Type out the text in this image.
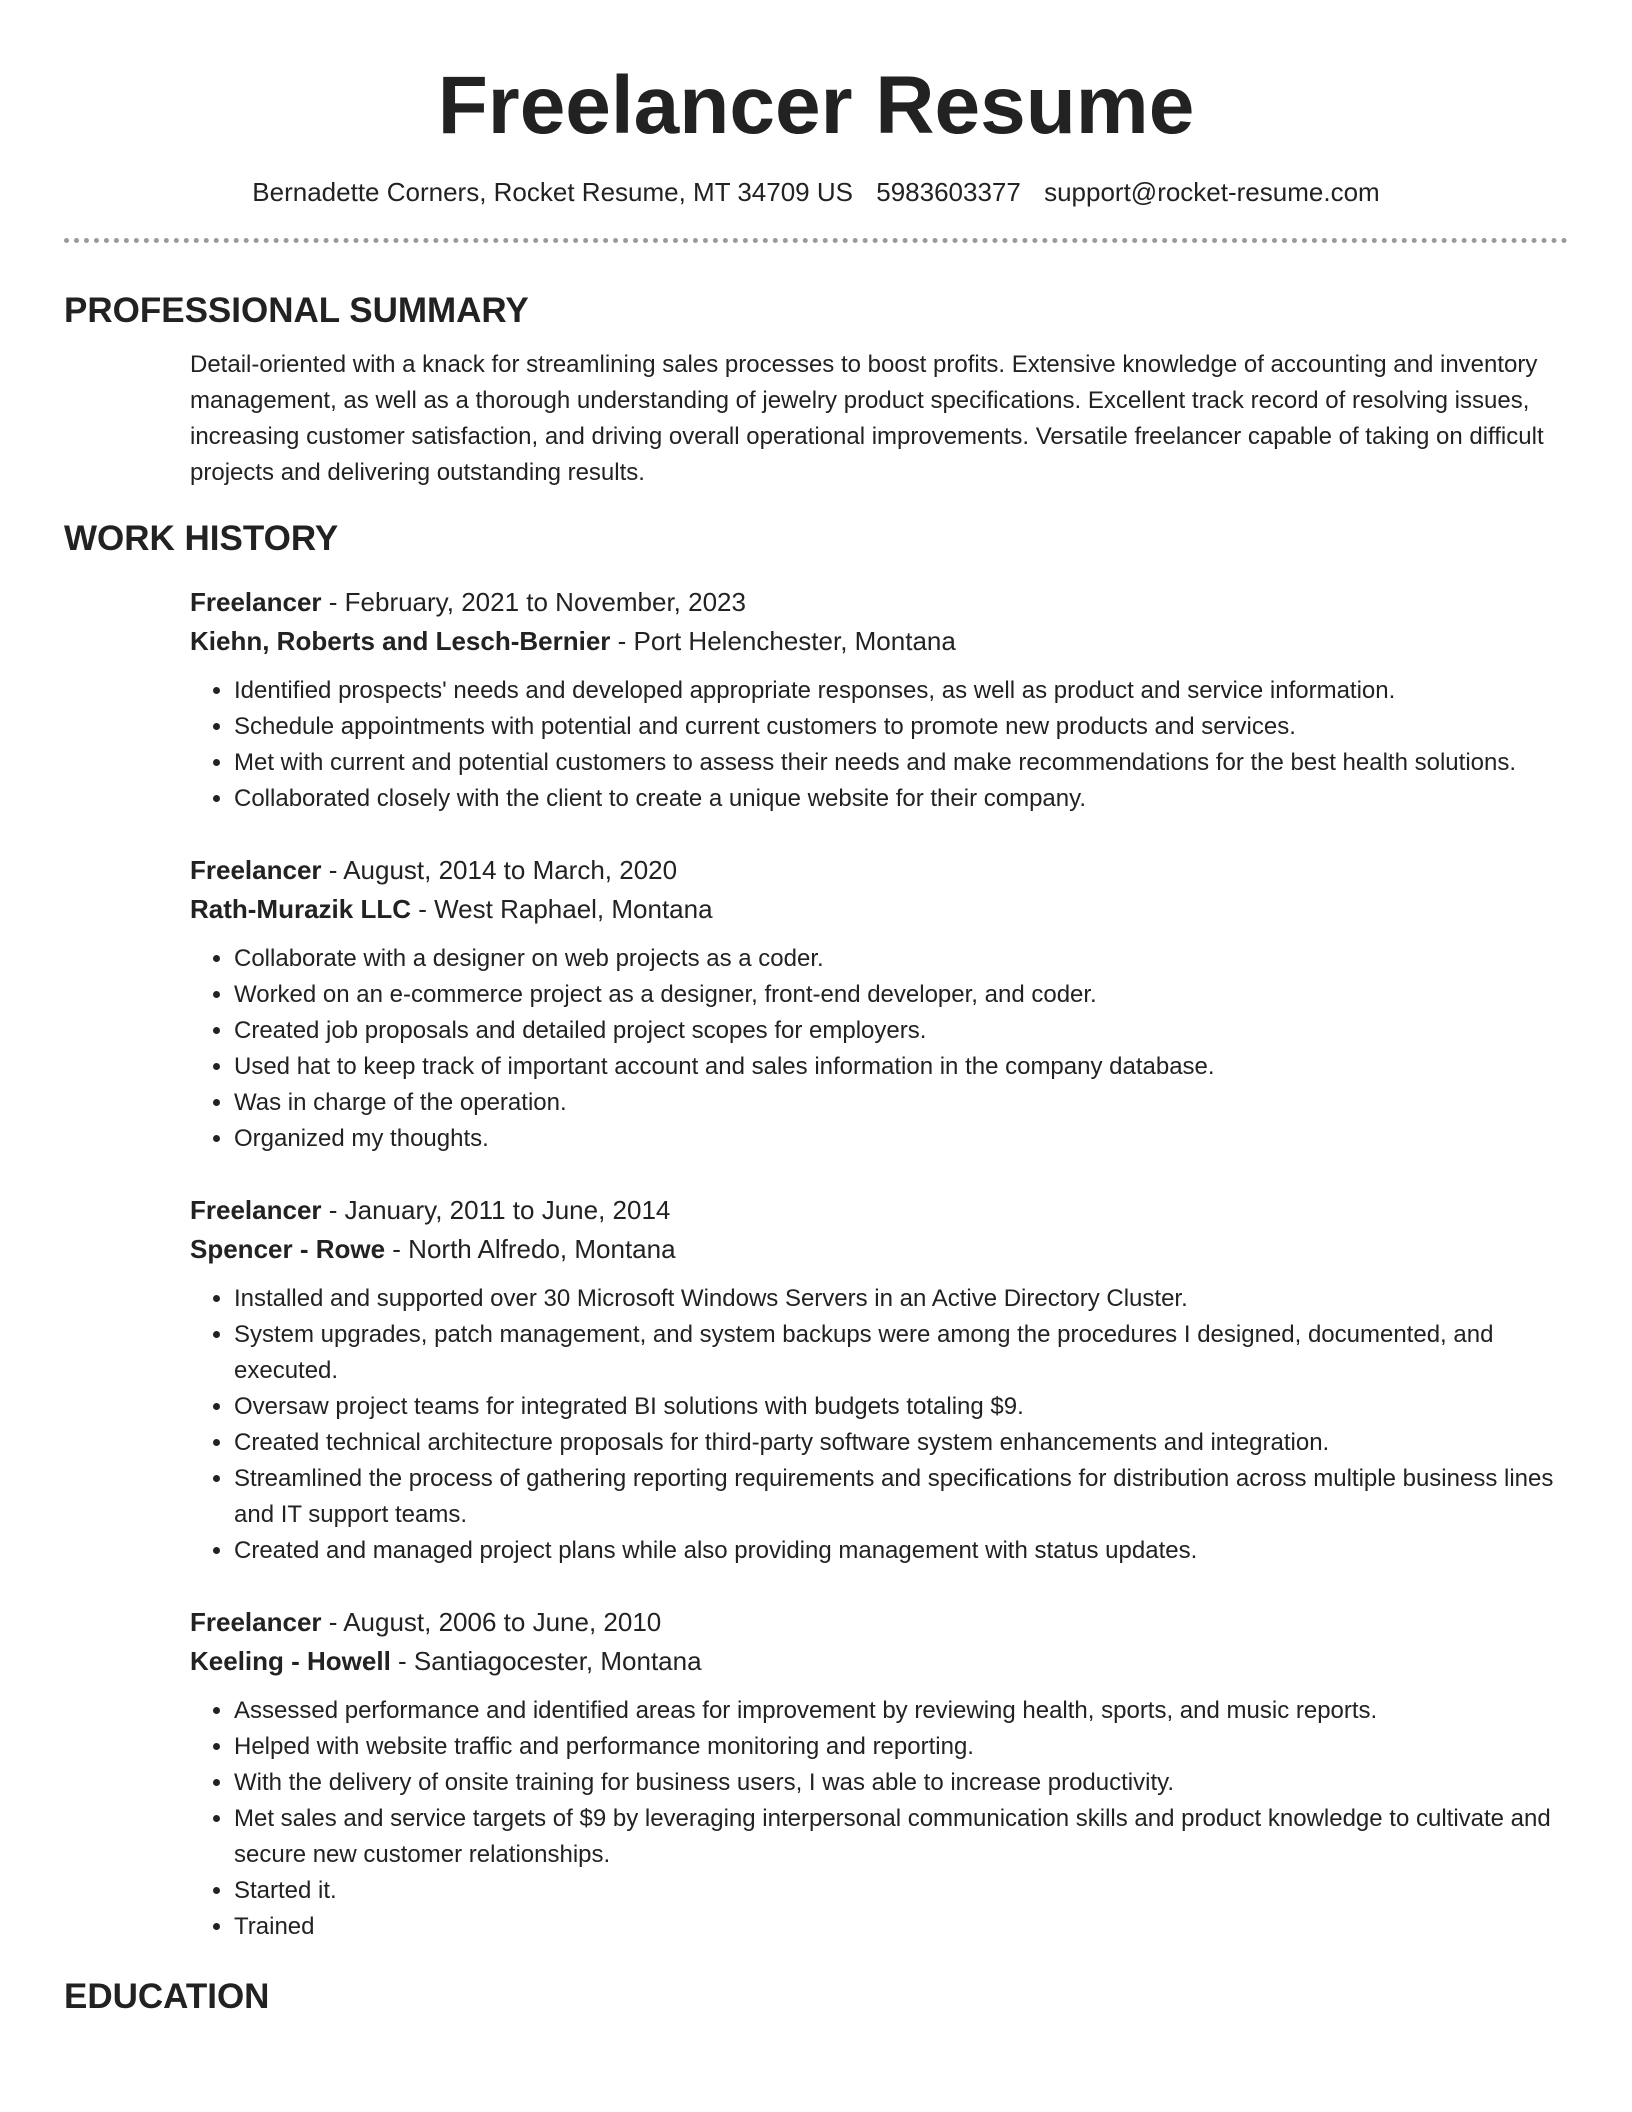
Freelancer Resume
Bernadette Corners, Rocket Resume, MT 34709 US 5983603377 support@rocket-resume.com
PROFESSIONAL SUMMARY

Detail-oriented with a knack for streamlining sales processes to boost profits. Extensive knowledge of accounting and inventory management, as well as a thorough understanding of jewelry product specifications. Excellent track record of resolving issues, increasing customer satisfaction, and driving overall operational improvements. Versatile freelancer capable of taking on difficult projects and delivering outstanding results.

WORK HISTORY
Freelancer - February, 2021 to November, 2023
Kiehn, Roberts and Lesch-Bernier - Port Helenchester, Montana
• Identified prospects' needs and developed appropriate responses, as well as product and service information.
• Schedule appointments with potential and current customers to promote new products and services.
• Met with current and potential customers to assess their needs and make recommendations for the best health solutions.
• Collaborated closely with the client to create a unique website for their company.
Freelancer - August, 2014 to March, 2020
Rath-Murazik LLC - West Raphael, Montana
• Collaborate with a designer on web projects as a coder.
• Worked on an e-commerce project as a designer, front-end developer, and coder.
• Created job proposals and detailed project scopes for employers.
• Used hat to keep track of important account and sales information in the company database.
• Was in charge of the operation.
• Organized my thoughts.
Freelancer - January, 2011 to June, 2014
Spencer - Rowe - North Alfredo, Montana
• Installed and supported over 30 Microsoft Windows Servers in an Active Directory Cluster.
• System upgrades, patch management, and system backups were among the procedures I designed, documented, and executed.
• Oversaw project teams for integrated BI solutions with budgets totaling $9.
• Created technical architecture proposals for third-party software system enhancements and integration.
• Streamlined the process of gathering reporting requirements and specifications for distribution across multiple business lines and IT support teams.
• Created and managed project plans while also providing management with status updates.
Freelancer - August, 2006 to June, 2010
Keeling - Howell - Santiagocester, Montana
• Assessed performance and identified areas for improvement by reviewing health, sports, and music reports.
• Helped with website traffic and performance monitoring and reporting.
• With the delivery of onsite training for business users, I was able to increase productivity.
• Met sales and service targets of $9 by leveraging interpersonal communication skills and product knowledge to cultivate and secure new customer relationships.
• Started it.
• Trained
EDUCATION
